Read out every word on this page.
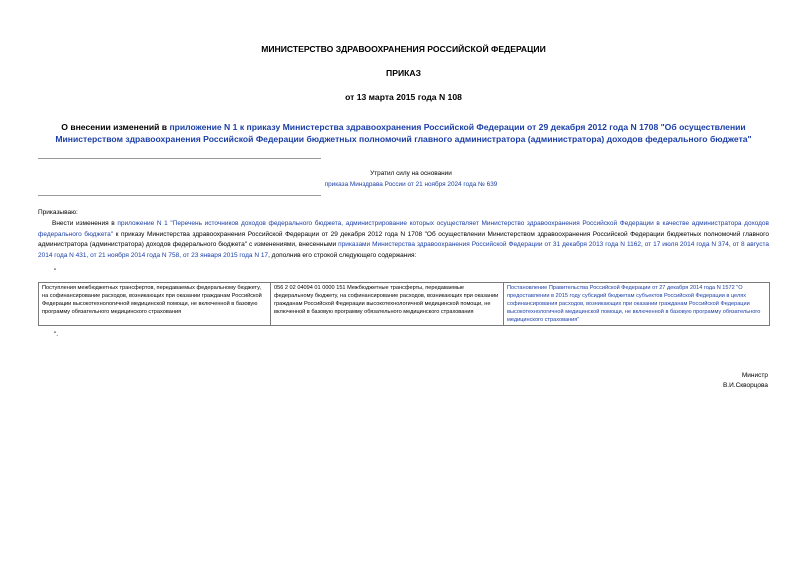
МИНИСТЕРСТВО ЗДРАВООХРАНЕНИЯ РОССИЙСКОЙ ФЕДЕРАЦИИ
ПРИКАЗ
от 13 марта 2015 года N 108
О внесении изменений в приложение N 1 к приказу Министерства здравоохранения Российской Федерации от 29 декабря 2012 года N 1708 "Об осуществлении Министерством здравоохранения Российской Федерации бюджетных полномочий главного администратора (администратора) доходов федерального бюджета"
Утратил силу на основании
приказа Минздрава России от 21 ноября 2024 года № 639
Приказываю:
Внести изменения в приложение N 1 "Перечень источников доходов федерального бюджета, администрирование которых осуществляет Министерство здравоохранения Российской Федерации в качестве администратора доходов федерального бюджета" к приказу Министерства здравоохранения Российской Федерации от 29 декабря 2012 года N 1708 "Об осуществлении Министерством здравоохранения Российской Федерации бюджетных полномочий главного администратора (администратора) доходов федерального бюджета" с изменениями, внесенными приказами Министерства здравоохранения Российской Федерации от 31 декабря 2013 года N 1162, от 17 июля 2014 года N 374, от 8 августа 2014 года N 431, от 21 ноября 2014 года N 758, от 23 января 2015 года N 17, дополнив его строкой следующего содержания:
"
Поступления межбюджетных трансфертов, передаваемых федеральному бюджету, на софинансирование расходов, возникающих при оказании гражданам Российской Федерации высокотехнологичной медицинской помощи, не включенной в базовую программу обязательного медицинского страхования	056 2 02 04094 01 0000 151 Межбюджетные трансферты, передаваемые федеральному бюджету, на софинансирование расходов, возникающих при оказании гражданам Российской Федерации высокотехнологичной медицинской помощи, не включенной в базовую программу обязательного медицинского страхования	Постановление Правительства Российской Федерации от 27 декабря 2014 года N 1572 "О предоставлении в 2015 году субсидий бюджетам субъектов Российской Федерации в целях софинансирования расходов, возникающих при оказании гражданам Российской Федерации высокотехнологичной медицинской помощи, не включенной в базовую программу обязательного медицинского страхования"
".
Министр
В.И.Скворцова
